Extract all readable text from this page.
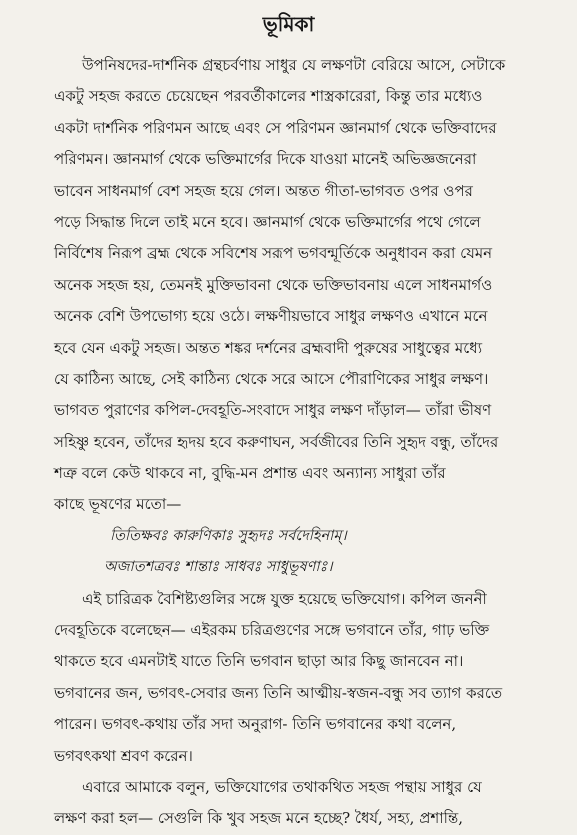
ভূমিকা
উপনিষদের-দার্শনিক গ্রন্থচর্বণায় সাধুর যে লক্ষণটা বেরিয়ে আসে, সেটাকে
একটু সহজ করতে চেয়েছেন পরবর্তীকালের শাস্ত্রকারেরা, কিন্তু তার মধ্যেও
একটা দার্শনিক পরিণমন আছে এবং সে পরিণমন জ্ঞানমার্গ থেকে ভক্তিবাদের
পরিণমন। জ্ঞানমার্গ থেকে ভক্তিমার্গের দিকে যাওয়া মানেই অভিজ্ঞজনেরা
ভাবেন সাধনমার্গ বেশ সহজ হয়ে গেল। অন্তত গীতা-ভাগবত ওপর ওপর
পড়ে সিদ্ধান্ত দিলে তাই মনে হবে। জ্ঞানমার্গ থেকে ভক্তিমার্গের পথে গেলে
নির্বিশেষ নিরূপ ব্রহ্ম থেকে সবিশেষ সরূপ ভগবন্মূর্তিকে অনুধাবন করা যেমন
অনেক সহজ হয়, তেমনই মুক্তিভাবনা থেকে ভক্তিভাবনায় এলে সাধনমার্গও
অনেক বেশি উপভোগ্য হয়ে ওঠে। লক্ষণীয়ভাবে সাধুর লক্ষণও এখানে মনে
হবে যেন একটু সহজ। অন্তত শঙ্কর দর্শনের ব্রহ্মবাদী পুরুষের সাধুত্বের মধ্যে
যে কাঠিন্য আছে, সেই কাঠিন্য থেকে সরে আসে পৌরাণিকের সাধুর লক্ষণ।
ভাগবত পুরাণের কপিল-দেবহূতি-সংবাদে সাধুর লক্ষণ দাঁড়াল— তাঁরা ভীষণ
সহিষ্ণু হবেন, তাঁদের হৃদয় হবে করুণাঘন, সর্বজীবের তিনি সুহৃদ বন্ধু, তাঁদের
শত্রু বলে কেউ থাকবে না, বুদ্ধি-মন প্রশান্ত এবং অন্যান্য সাধুরা তাঁর
কাছে ভূষণের মতো—
তিতিক্ষবঃ কারুণিকাঃ সুহৃদঃ সর্বদেহিনাম্।
অজাতশত্রবঃ শান্তাঃ সাধবঃ সাধুভূষণাঃ।
এই চারিত্রক বৈশিষ্ট্যগুলির সঙ্গে যুক্ত হয়েছে ভক্তিযোগ। কপিল জননী
দেবহূতিকে বলেছেন— এইরকম চরিত্রগুণের সঙ্গে ভগবানে তাঁর, গাঢ় ভক্তি
থাকতে হবে এমনটাই যাতে তিনি ভগবান ছাড়া আর কিছু জানবেন না।
ভগবানের জন, ভগবৎ-সেবার জন্য তিনি আত্মীয়-স্বজন-বন্ধু সব ত্যাগ করতে
পারেন। ভগবৎ-কথায় তাঁর সদা অনুরাগ- তিনি ভগবানের কথা বলেন,
ভগবৎকথা শ্রবণ করেন।
এবারে আমাকে বলুন, ভক্তিযোগের তথাকথিত সহজ পন্থায় সাধুর যে
লক্ষণ করা হল— সেগুলি কি খুব সহজ মনে হচ্ছে? ধৈর্য, সহ্য, প্রশান্তি,
